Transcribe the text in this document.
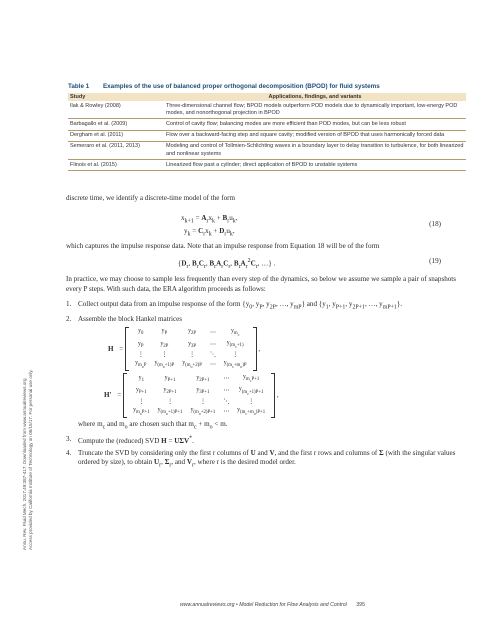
Table 1 Examples of the use of balanced proper orthogonal decomposition (BPOD) for fluid systems
Study	Applications, findings, and variants
Ilak & Rowley (2008)	Three-dimensional channel flow; BPOD models outperform POD models due to dynamically important, low-energy POD modes, and nonorthogonal projection in BPOD
Barbagallo et al. (2009)	Control of cavity flow; balancing modes are more efficient than POD modes, but can be less robust
Dergham et al. (2011)	Flow over a backward-facing step and square cavity; modified version of BPOD that uses harmonically forced data
Semeraro et al. (2011, 2013)	Modeling and control of Tollmien-Schlichting waves in a boundary layer to delay transition to turbulence, for both linearized and nonlinear systems
Flinois et al. (2015)	Linearized flow past a cylinder; direct application of BPOD to unstable systems
Annu. Rev. Fluid Mech. 2017.49:387-417. Downloaded from www.annualreviews.org Access provided by California Institute of Technology on 06/15/17. For personal use only.

discrete time, we identify a discrete-time model of the form

$x_{k+1} = A_rx_k + B_ru_k$,
$y_k = C_rx_k + D_ru_k$,
(18)

which captures the impulse response data. Note that an impulse response from Equation 18 will be of the form

{$D_r$, $B_rC_r$, $B_rA_rC_r$, $B_rA_r^2C_r$, …} .	(19)

In practice, we may choose to sample less frequently than every step of the dynamics, so below we assume we sample a pair of snapshots every P steps. With such data, the ERA algorithm proceeds as follows:

1. Collect output data from an impulse response of the form {$y_0$, $y_P$, $y_{2P}$, …, $y_{mP}$} and {$y_1$, $y_{P+1}$, $y_{2P+1}$, …, $y_{mP+1}$}.
2. Assemble the block Hankel matrices
H =
$y_0$	$y_P$	$y_{2P}$	⋯	$y_{m_c}$
$y_P$	$y_{2P}$	$y_{3P}$	⋯	$y_{(m_c+1)}$
⋮	⋮	⋮	⋱	⋮
$y_{m_oP}$	$y_{(m_o+1)P}$	$y_{(m_o+2)P}$	⋯	$y_{(m_c+m_o)P}$
,
H′ =
$y_1$	$y_{P+1}$	$y_{2P+1}$	⋯	$y_{m_cP+1}$
$y_{P+1}$	$y_{2P+1}$	$y_{3P+1}$	⋯	$y_{(m_c+1)P+1}$
⋮	⋮	⋮	⋱	⋮
$y_{m_oP+1}$	$y_{(m_o+1)P+1}$	$y_{(m_o+2)P+1}$	⋯	$y_{(m_c+m_o)P+1}$
,
where $m_c$ and $m_o$ are chosen such that $m_c + m_o < m$.
3. Compute the (reduced) SVD H = UΣV*.
4. Truncate the SVD by considering only the first r columns of U and V, and the first r rows and columns of Σ (with the singular values ordered by size), to obtain $U_r$, $\Sigma_r$, and $V_r$, where r is the desired model order.
www.annualreviews.org • Model Reduction for Flow Analysis and Control 395
